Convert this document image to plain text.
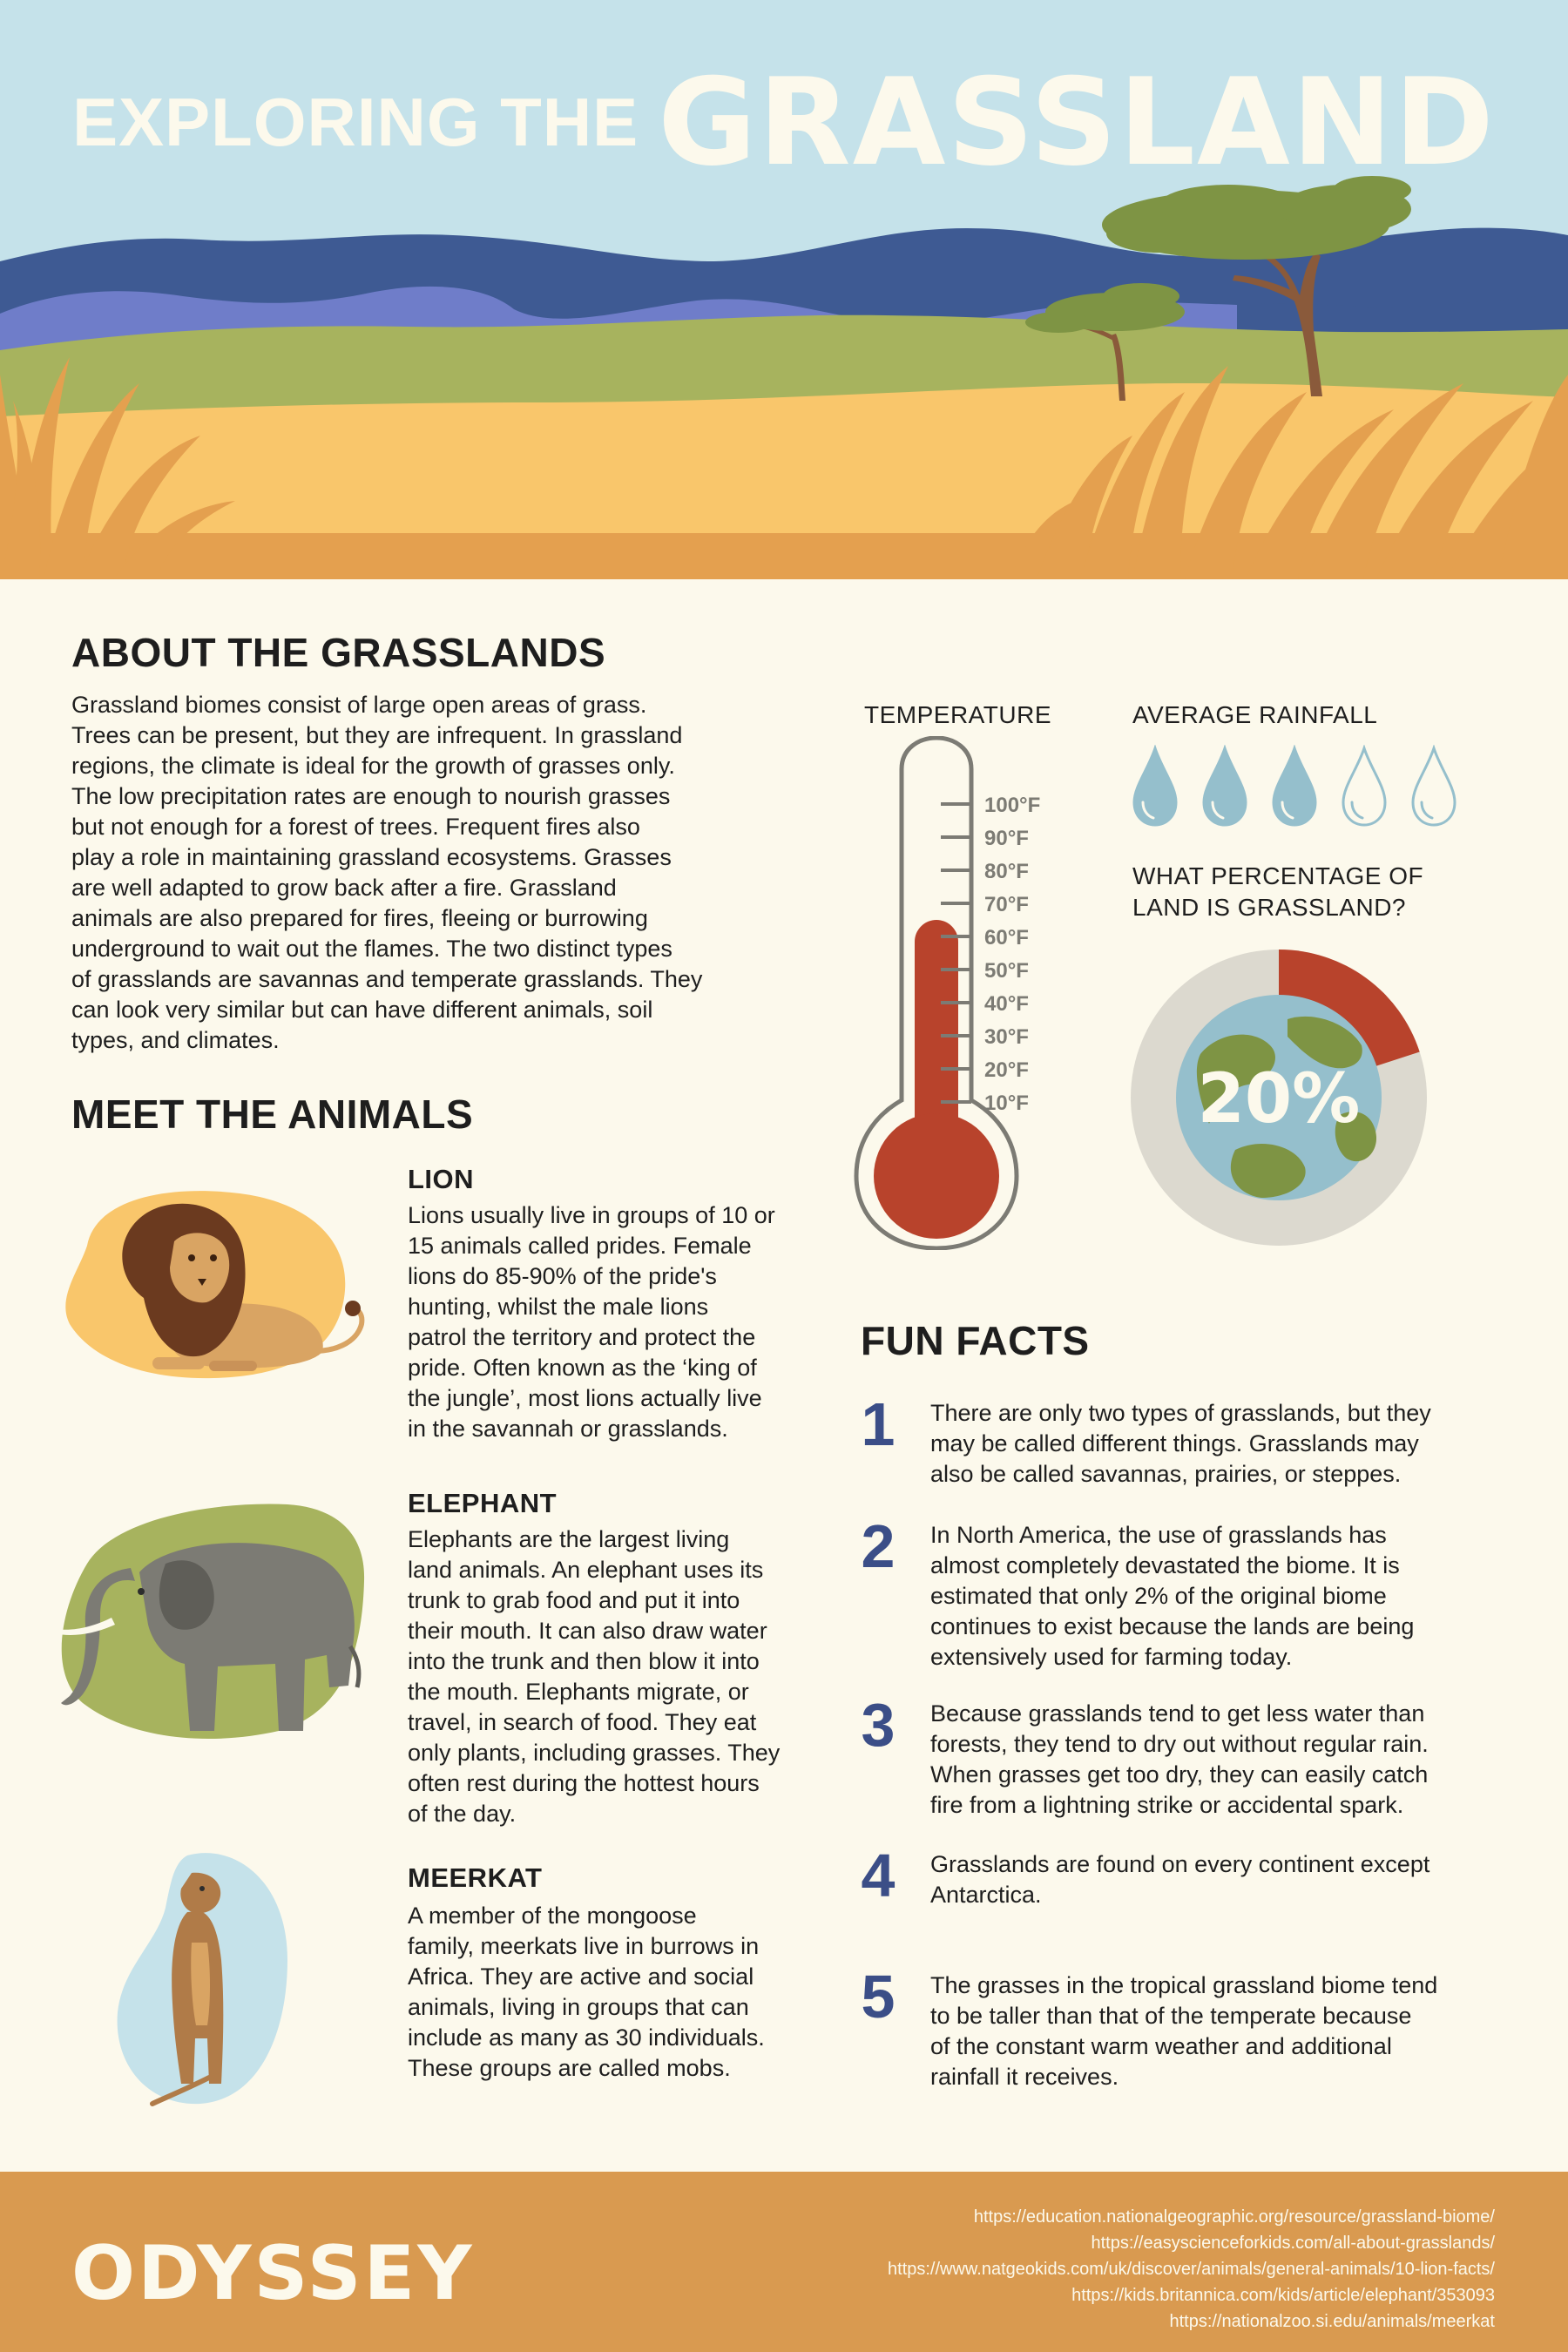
EXPLORING THE GRASSLAND
ABOUT THE GRASSLANDS
Grassland biomes consist of large open areas of grass.
Trees can be present, but they are infrequent. In grassland
regions, the climate is ideal for the growth of grasses only.
The low precipitation rates are enough to nourish grasses
but not enough for a forest of trees. Frequent fires also
play a role in maintaining grassland ecosystems. Grasses
are well adapted to grow back after a fire. Grassland
animals are also prepared for fires, fleeing or burrowing
underground to wait out the flames. The two distinct types
of grasslands are savannas and temperate grasslands. They
can look very similar but can have different animals, soil
types, and climates.
MEET THE ANIMALS
LION
Lions usually live in groups of 10 or
15 animals called prides. Female
lions do 85-90% of the pride's
hunting, whilst the male lions
patrol the territory and protect the
pride. Often known as the ‘king of
the jungle’, most lions actually live
in the savannah or grasslands.
ELEPHANT
Elephants are the largest living
land animals. An elephant uses its
trunk to grab food and put it into
their mouth. It can also draw water
into the trunk and then blow it into
the mouth. Elephants migrate, or
travel, in search of food. They eat
only plants, including grasses. They
often rest during the hottest hours
of the day.
MEERKAT
A member of the mongoose
family, meerkats live in burrows in
Africa. They are active and social
animals, living in groups that can
include as many as 30 individuals.
These groups are called mobs.
TEMPERATURE
100°F
90°F
80°F
70°F
60°F
50°F
40°F
30°F
20°F
10°F
AVERAGE RAINFALL
WHAT PERCENTAGE OF
LAND IS GRASSLAND?
20%
FUN FACTS
1	There are only two types of grasslands, but they
may be called different things. Grasslands may
also be called savannas, prairies, or steppes.
2	In North America, the use of grasslands has
almost completely devastated the biome. It is
estimated that only 2% of the original biome
continues to exist because the lands are being
extensively used for farming today.
3	Because grasslands tend to get less water than
forests, they tend to dry out without regular rain.
When grasses get too dry, they can easily catch
fire from a lightning strike or accidental spark.
4	Grasslands are found on every continent except
Antarctica.
5	The grasses in the tropical grassland biome tend
to be taller than that of the temperate because
of the constant warm weather and additional
rainfall it receives.
ODYSSEY
https://education.nationalgeographic.org/resource/grassland-biome/
https://easyscienceforkids.com/all-about-grasslands/
https://www.natgeokids.com/uk/discover/animals/general-animals/10-lion-facts/
https://kids.britannica.com/kids/article/elephant/353093
https://nationalzoo.si.edu/animals/meerkat
